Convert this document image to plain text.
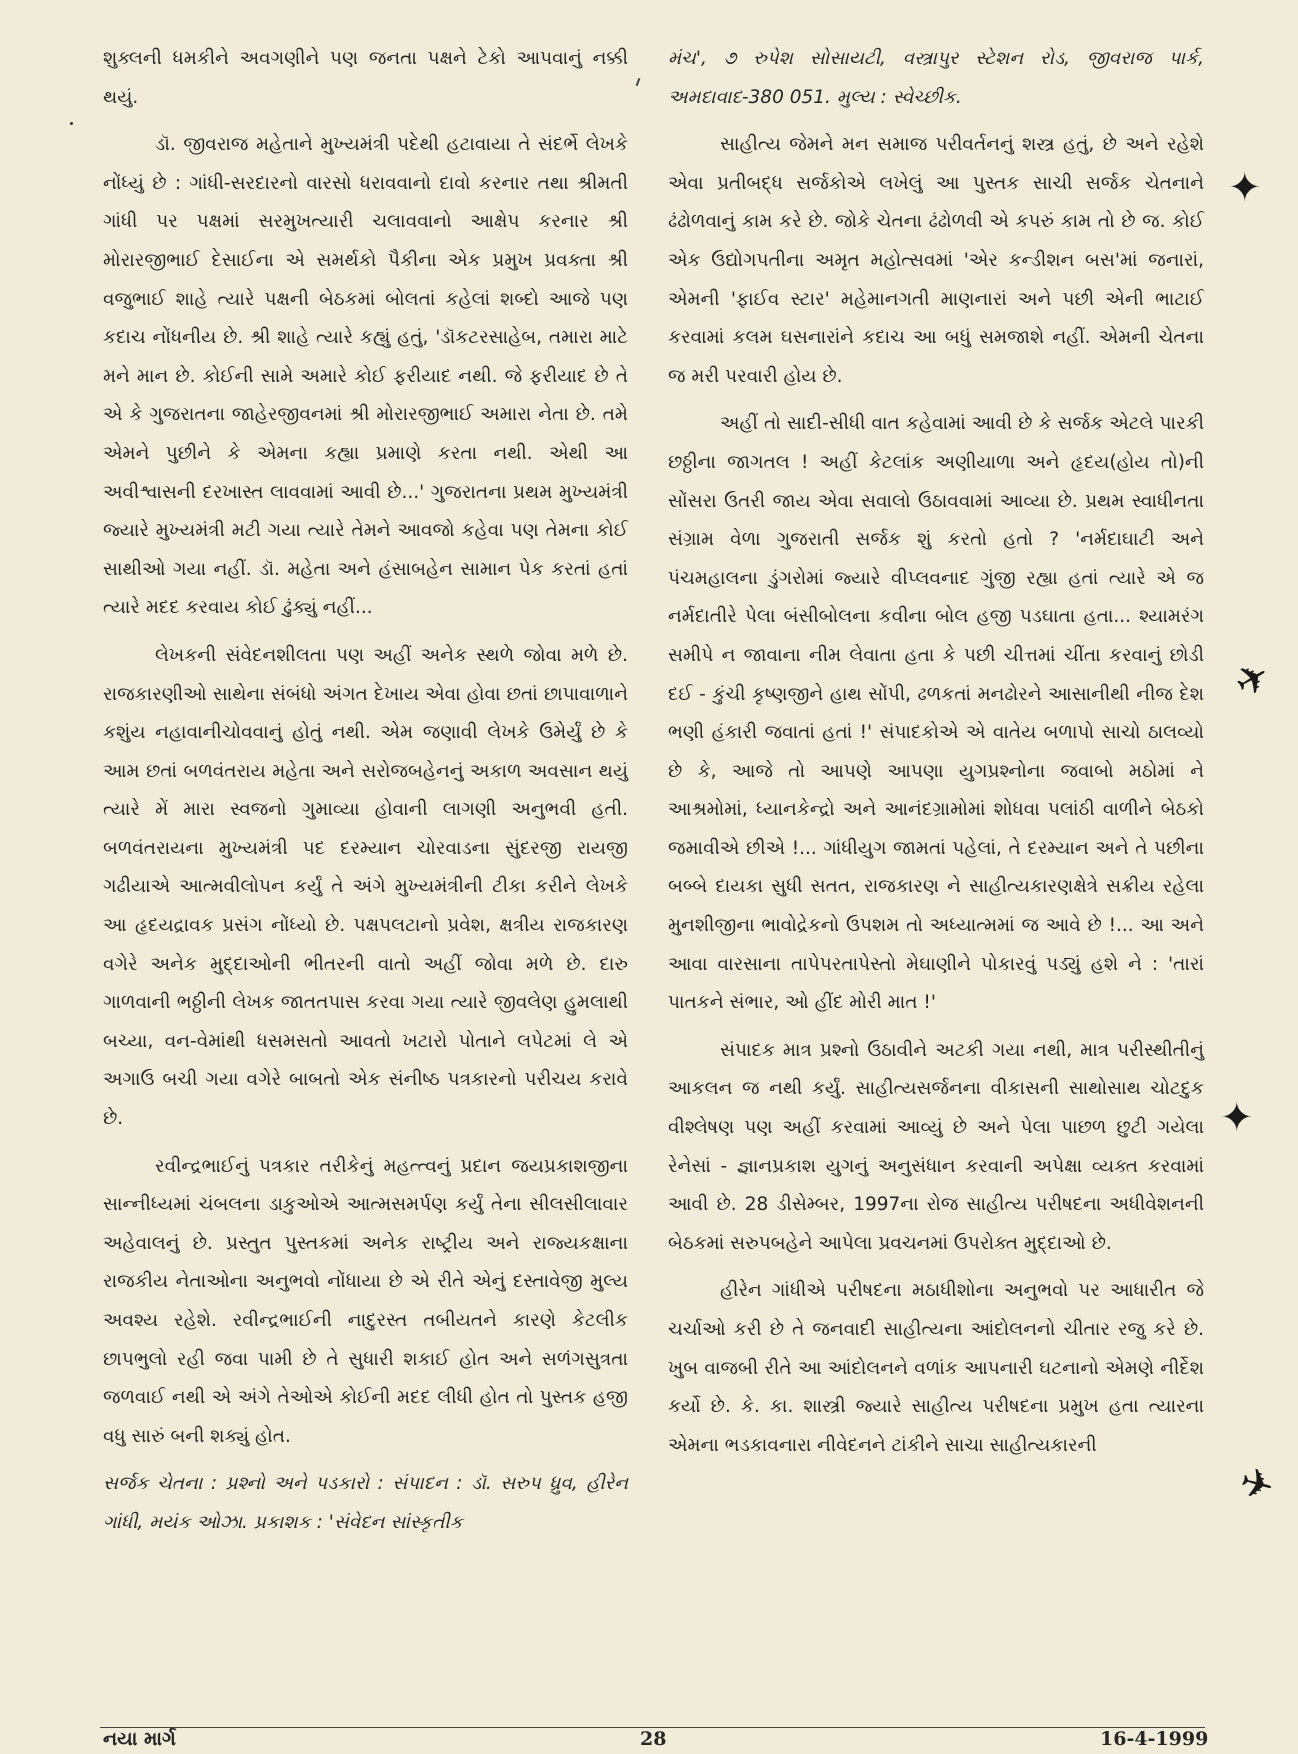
શુક્લની ધમકીને અવગણીને પણ જનતા પક્ષને ટેકો આપવાનું નક્કી થયું.

ડૉ. જીવરાજ મહેતાને મુખ્યમંત્રી પદેથી હટાવાયા તે સંદર્ભે લેખકે નોંધ્યું છે : ગાંધી-સરદારનો વારસો ધરાવવાનો દાવો કરનાર તથા શ્રીમતી ગાંધી પર પક્ષમાં સરમુખત્યારી ચલાવવાનો આક્ષેપ કરનાર શ્રી મોરારજીભાઈ દેસાઈના એ સમર્થકો પૈકીના એક પ્રમુખ પ્રવક્તા શ્રી વજુભાઈ શાહે ત્યારે પક્ષની બેઠકમાં બોલતાં કહેલાં શબ્દો આજે પણ કદાચ નોંધનીય છે. શ્રી શાહે ત્યારે કહ્યું હતું, 'ડૉકટરસાહેબ, તમારા માટે મને માન છે. કોઈની સામે અમારે કોઈ ફરીયાદ નથી. જે ફરીયાદ છે તે એ કે ગુજરાતના જાહેરજીવનમાં શ્રી મોરારજીભાઈ અમારા નેતા છે. તમે એમને પુછીને કે એમના કહ્યા પ્રમાણે કરતા નથી. એથી આ અવીશ્વાસની દરખાસ્ત લાવવામાં આવી છે...' ગુજરાતના પ્રથમ મુખ્યમંત્રી જ્યારે મુખ્યમંત્રી મટી ગયા ત્યારે તેમને આવજો કહેવા પણ તેમના કોઈ સાથીઓ ગયા નહીં. ડૉ. મહેતા અને હંસાબહેન સામાન પેક કરતાં હતાં ત્યારે મદદ કરવાય કોઈ ઢુંક્યું નહીં...

લેખકની સંવેદનશીલતા પણ અહીં અનેક સ્થળે જોવા મળે છે. રાજકારણીઓ સાથેના સંબંધો અંગત દેખાય એવા હોવા છતાં છાપાવાળાને કશુંય નહાવાનીચોવવાનું હોતું નથી. એમ જણાવી લેખકે ઉમેર્યું છે કે આમ છતાં બળવંતરાય મહેતા અને સરોજબહેનનું અકાળ અવસાન થયું ત્યારે મેં મારા સ્વજનો ગુમાવ્યા હોવાની લાગણી અનુભવી હતી. બળવંતરાયના મુખ્યમંત્રી પદ દરમ્યાન ચોરવાડના સુંદરજી રાયજી ગઢીયાએ આત્મવીલોપન કર્યું તે અંગે મુખ્યમંત્રીની ટીકા કરીને લેખકે આ હૃદયદ્રાવક પ્રસંગ નોંધ્યો છે. પક્ષપલટાનો પ્રવેશ, ક્ષત્રીય રાજકારણ વગેરે અનેક મુદ્દાઓની ભીતરની વાતો અહીં જોવા મળે છે. દારુ ગાળવાની ભઠ્ઠીની લેખક જાતતપાસ કરવા ગયા ત્યારે જીવલેણ હુમલાથી બચ્યા, વન-વેમાંથી ધસમસતો આવતો ખટારો પોતાને લપેટમાં લે એ અગાઉ બચી ગયા વગેરે બાબતો એક સંનીષ્ઠ પત્રકારનો પરીચય કરાવે છે.

રવીન્દ્રભાઈનું પત્રકાર તરીકેનું મહત્ત્વનું પ્રદાન જયપ્રકાશજીના સાન્નીધ્યમાં ચંબલના ડાકુઓએ આત્મસમર્પણ કર્યું તેના સીલસીલાવાર અહેવાલનું છે. પ્રસ્તુત પુસ્તકમાં અનેક રાષ્ટ્રીય અને રાજ્યકક્ષાના રાજકીય નેતાઓના અનુભવો નોંધાયા છે એ રીતે એનું દસ્તાવેજી મુલ્ય અવશ્ય રહેશે. રવીન્દ્રભાઈની નાદુરસ્ત તબીયતને કારણે કેટલીક છાપભુલો રહી જવા પામી છે તે સુધારી શકાઈ હોત અને સળંગસુત્રતા જળવાઈ નથી એ અંગે તેઓએ કોઈની મદદ લીધી હોત તો પુસ્તક હજી વધુ સારું બની શક્યું હોત.

સર્જક ચેતના : પ્રશ્નો અને પડકારો : સંપાદન : ડૉ. સરુપ ધ્રુવ, હીરેન ગાંધી, મયંક ઓઝા. પ્રકાશક : 'સંવેદન સાંસ્કૃતીક

મંચ', ૭ રુપેશ સોસાયટી, વસ્ત્રાપુર સ્ટેશન રોડ, જીવરાજ પાર્ક, અમદાવાદ-380 051. મુલ્ય : સ્વેચ્છીક.

સાહીત્ય જેમને મન સમાજ પરીવર્તનનું શસ્ત્ર હતું, છે અને રહેશે એવા પ્રતીબદ્ધ સર્જકોએ લખેલું આ પુસ્તક સાચી સર્જક ચેતનાને ઢંઢોળવાનું કામ કરે છે. જોકે ચેતના ઢંઢોળવી એ કપરું કામ તો છે જ. કોઈ એક ઉદ્યોગપતીના અમૃત મહોત્સવમાં 'એર કન્ડીશન બસ'માં જનારાં, એમની 'ફાઈવ સ્ટાર' મહેમાનગતી માણનારાં અને પછી એની ભાટાઈ કરવામાં કલમ ઘસનારાંને કદાચ આ બધું સમજાશે નહીં. એમની ચેતના જ મરી પરવારી હોય છે.

અહીં તો સાદી-સીધી વાત કહેવામાં આવી છે કે સર્જક એટલે પારકી છઠ્ઠીના જાગતલ ! અહીં કેટલાંક અણીયાળા અને હૃદય(હોય તો)ની સોંસરા ઉતરી જાય એવા સવાલો ઉઠાવવામાં આવ્યા છે. પ્રથમ સ્વાધીનતા સંગ્રામ વેળા ગુજરાતી સર્જક શું કરતો હતો ? 'નર્મદાઘાટી અને પંચમહાલના ડુંગરોમાં જ્યારે વીપ્લવનાદ ગુંજી રહ્યા હતાં ત્યારે એ જ નર્મદાતીરે પેલા બંસીબોલના કવીના બોલ હજી પડઘાતા હતા... શ્યામરંગ સમીપે ન જાવાના નીમ લેવાતા હતા કે પછી ચીત્તમાં ચીંતા કરવાનું છોડી દઈ - કુંચી કૃષ્ણજીને હાથ સોંપી, ઢળકતાં મનઢોરને આસાનીથી નીજ દેશ ભણી હંકારી જવાતાં હતાં !' સંપાદકોએ એ વાતેય બળાપો સાચો ઠાલવ્યો છે કે, આજે તો આપણે આપણા યુગપ્રશ્નોના જવાબો મઠોમાં ને આશ્રમોમાં, ધ્યાનકેન્દ્રો અને આનંદગ્રામોમાં શોધવા પલાંઠી વાળીને બેઠકો જમાવીએ છીએ !... ગાંધીયુગ જામતાં પહેલાં, તે દરમ્યાન અને તે પછીના બબ્બે દાયકા સુધી સતત, રાજકારણ ને સાહીત્યકારણક્ષેત્રે સક્રીય રહેલા મુનશીજીના ભાવોદ્રેકનો ઉપશમ તો અધ્યાત્મમાં જ આવે છે !... આ અને આવા વારસાના તાપેપરતાપેસ્તો મેઘાણીને પોકારવું પડ્યું હશે ને : 'તારાં પાતકને સંભાર, ઓ હીંદ મોરી માત !'

સંપાદક માત્ર પ્રશ્નો ઉઠાવીને અટકી ગયા નથી, માત્ર પરીસ્થીતીનું આકલન જ નથી કર્યું. સાહીત્યસર્જનના વીકાસની સાથોસાથ ચોટદુક વીશ્લેષણ પણ અહીં કરવામાં આવ્યું છે અને પેલા પાછળ છુટી ગયેલા રેનેસાં - જ્ઞાનપ્રકાશ યુગનું અનુસંધાન કરવાની અપેક્ષા વ્યક્ત કરવામાં આવી છે. 28 ડીસેમ્બર, 1997ના રોજ સાહીત્ય પરીષદના અધીવેશનની બેઠકમાં સરુપબહેને આપેલા પ્રવચનમાં ઉપરોક્ત મુદ્દાઓ છે.

હીરેન ગાંધીએ પરીષદના મઠાધીશોના અનુભવો પર આધારીત જે ચર્ચાઓ કરી છે તે જનવાદી સાહીત્યના આંદોલનનો ચીતાર રજુ કરે છે. ખુબ વાજબી રીતે આ આંદોલનને વળાંક આપનારી ઘટનાનો એમણે નીર્દેશ કર્યો છે. કે. કા. શાસ્ત્રી જ્યારે સાહીત્ય પરીષદના પ્રમુખ હતા ત્યારના એમના ભડકાવનારા નીવેદનને ટાંકીને સાચા સાહીત્યકારની

✦
✈
✦
✈
નયા માર્ગ	28	16-4-1999
